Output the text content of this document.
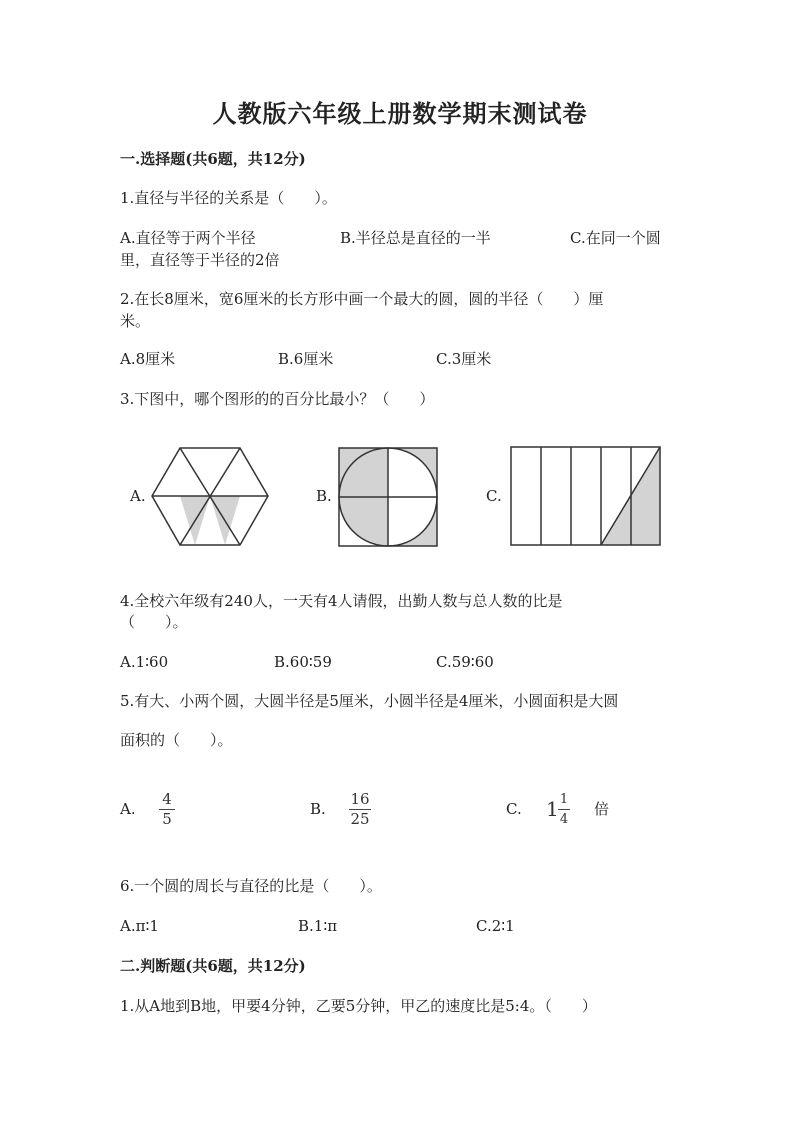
人教版六年级上册数学期末测试卷
一.选择题(共6题，共12分)
1.直径与半径的关系是（　　）。
A.直径等于两个半径	B.半径总是直径的一半	C.在同一个圆
里，直径等于半径的2倍
2.在长8厘米，宽6厘米的长方形中画一个最大的圆，圆的半径（　　）厘
米。
A.8厘米	B.6厘米	C.3厘米
3.下图中，哪个图形的的百分比最小？（　　）
A.	B.	C.
4.全校六年级有240人，一天有4人请假，出勤人数与总人数的比是
（　　）。
A.1∶60	B.60∶59	C.59∶60
5.有大、小两个圆，大圆半径是5厘米，小圆半径是4厘米，小圆面积是大圆
面积的（　　）。
A.
4
5
B.
16
25
C. 1 1
4
倍
6.一个圆的周长与直径的比是（　　）。
A.π∶1	B.1∶π	C.2∶1
二.判断题(共6题，共12分)
1.从A地到B地，甲要4分钟，乙要5分钟，甲乙的速度比是5:4。（　　）
